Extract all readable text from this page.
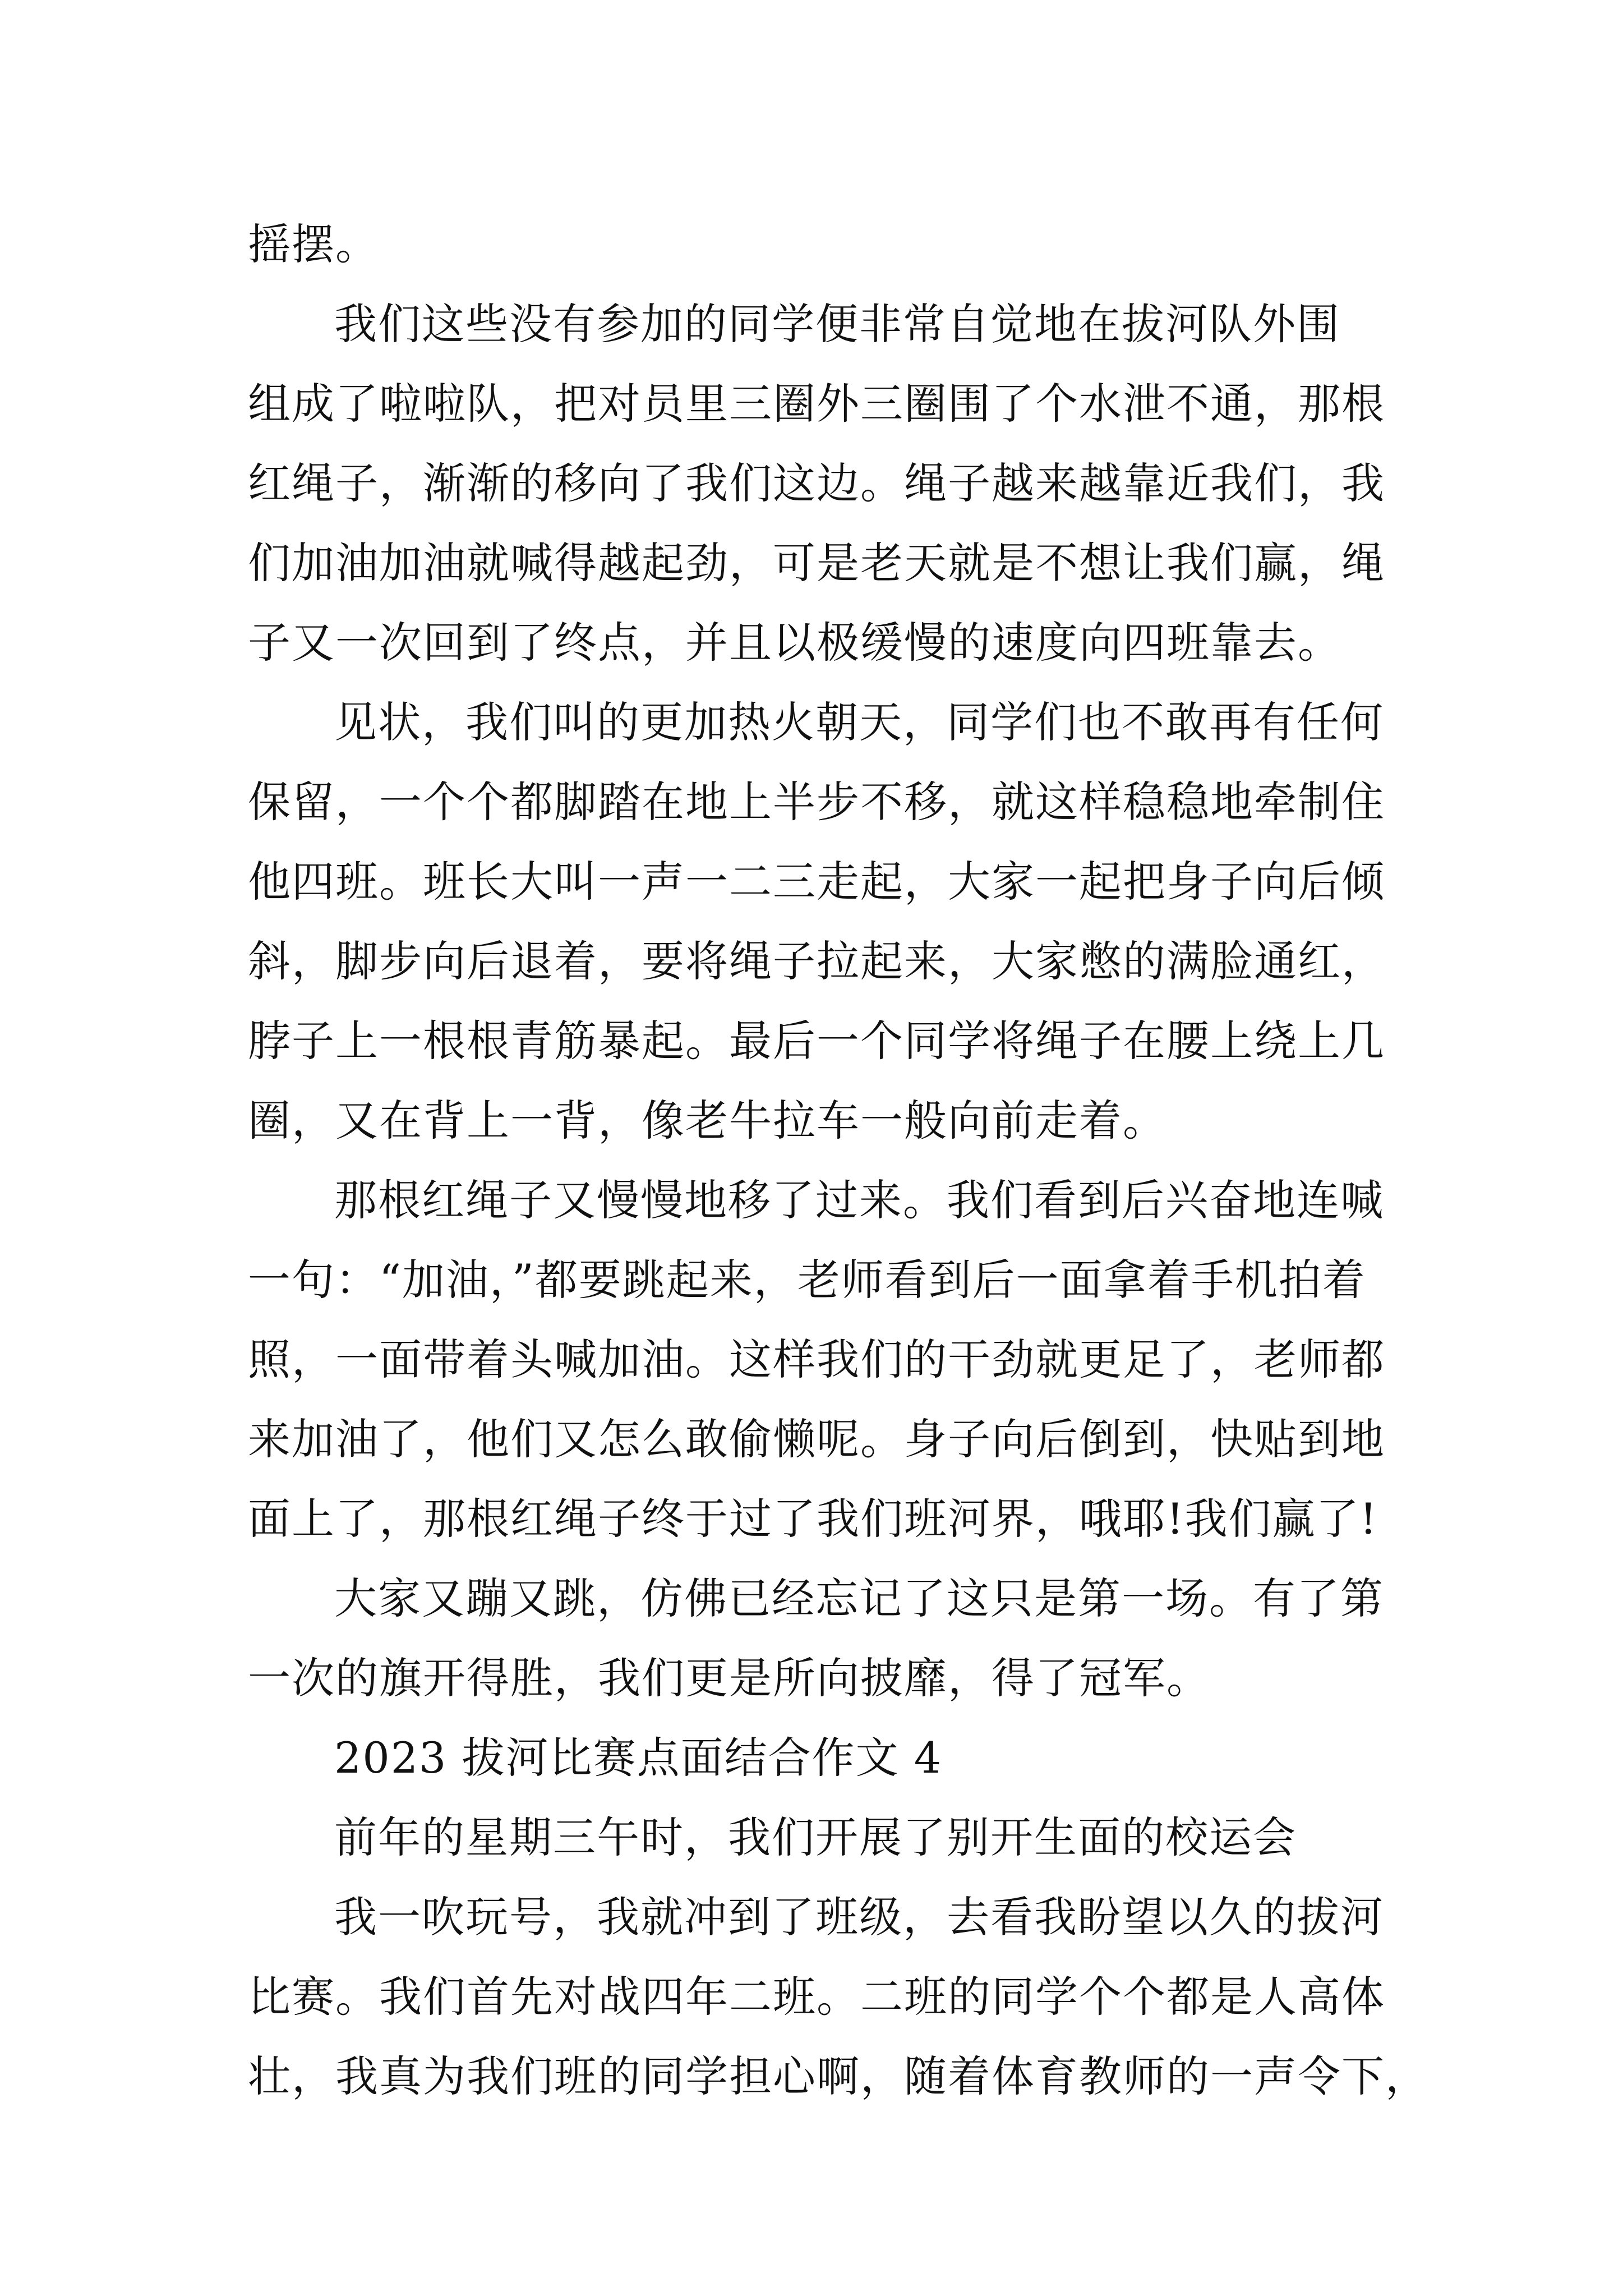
摇摆。

我们这些没有参加的同学便非常自觉地在拔河队外围

组成了啦啦队，把对员里三圈外三圈围了个水泄不通，那根

红绳子，渐渐的移向了我们这边。绳子越来越靠近我们，我

们加油加油就喊得越起劲，可是老天就是不想让我们赢，绳

子又一次回到了终点，并且以极缓慢的速度向四班靠去。

见状，我们叫的更加热火朝天，同学们也不敢再有任何

保留，一个个都脚踏在地上半步不移，就这样稳稳地牵制住

他四班。班长大叫一声一二三走起，大家一起把身子向后倾

斜，脚步向后退着，要将绳子拉起来，大家憋的满脸通红，

脖子上一根根青筋暴起。最后一个同学将绳子在腰上绕上几

圈，又在背上一背，像老牛拉车一般向前走着。

那根红绳子又慢慢地移了过来。我们看到后兴奋地连喊

一句：“加油，”都要跳起来，老师看到后一面拿着手机拍着

照，一面带着头喊加油。这样我们的干劲就更足了，老师都

来加油了，他们又怎么敢偷懒呢。身子向后倒到，快贴到地

面上了，那根红绳子终于过了我们班河界，哦耶!我们赢了!

大家又蹦又跳，仿佛已经忘记了这只是第一场。有了第

一次的旗开得胜，我们更是所向披靡，得了冠军。

2023 拔河比赛点面结合作文 4

前年的星期三午时，我们开展了别开生面的校运会

我一吹玩号，我就冲到了班级，去看我盼望以久的拔河

比赛。我们首先对战四年二班。二班的同学个个都是人高体

壮，我真为我们班的同学担心啊，随着体育教师的一声令下，
